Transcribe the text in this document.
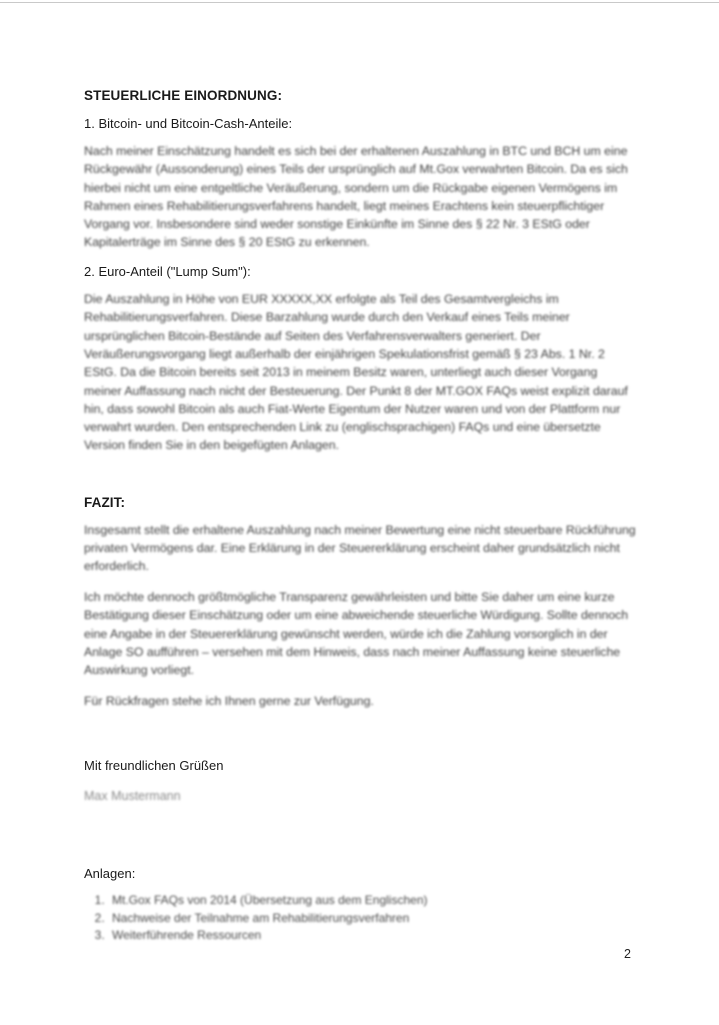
STEUERLICHE EINORDNUNG:
1. Bitcoin- und Bitcoin-Cash-Anteile:

Nach meiner Einschätzung handelt es sich bei der erhaltenen Auszahlung in BTC und BCH um eine Rückgewähr (Aussonderung) eines Teils der ursprünglich auf Mt.Gox verwahrten Bitcoin. Da es sich hierbei nicht um eine entgeltliche Veräußerung, sondern um die Rückgabe eigenen Vermögens im Rahmen eines Rehabilitierungsverfahrens handelt, liegt meines Erachtens kein steuerpflichtiger Vorgang vor. Insbesondere sind weder sonstige Einkünfte im Sinne des § 22 Nr. 3 EStG oder Kapitalerträge im Sinne des § 20 EStG zu erkennen.

2. Euro-Anteil ("Lump Sum"):

Die Auszahlung in Höhe von EUR XXXXX,XX erfolgte als Teil des Gesamtvergleichs im Rehabilitierungsverfahren. Diese Barzahlung wurde durch den Verkauf eines Teils meiner ursprünglichen Bitcoin-Bestände auf Seiten des Verfahrensverwalters generiert. Der Veräußerungsvorgang liegt außerhalb der einjährigen Spekulationsfrist gemäß § 23 Abs. 1 Nr. 2 EStG. Da die Bitcoin bereits seit 2013 in meinem Besitz waren, unterliegt auch dieser Vorgang meiner Auffassung nach nicht der Besteuerung. Der Punkt 8 der MT.GOX FAQs weist explizit darauf hin, dass sowohl Bitcoin als auch Fiat-Werte Eigentum der Nutzer waren und von der Plattform nur verwahrt wurden. Den entsprechenden Link zu (englischsprachigen) FAQs und eine übersetzte Version finden Sie in den beigefügten Anlagen.

FAZIT:

Insgesamt stellt die erhaltene Auszahlung nach meiner Bewertung eine nicht steuerbare Rückführung privaten Vermögens dar. Eine Erklärung in der Steuererklärung erscheint daher grundsätzlich nicht erforderlich.

Ich möchte dennoch größtmögliche Transparenz gewährleisten und bitte Sie daher um eine kurze Bestätigung dieser Einschätzung oder um eine abweichende steuerliche Würdigung. Sollte dennoch eine Angabe in der Steuererklärung gewünscht werden, würde ich die Zahlung vorsorglich in der Anlage SO aufführen – versehen mit dem Hinweis, dass nach meiner Auffassung keine steuerliche Auswirkung vorliegt.

Für Rückfragen stehe ich Ihnen gerne zur Verfügung.

Mit freundlichen Grüßen
Max Mustermann
Anlagen:
1. Mt.Gox FAQs von 2014 (Übersetzung aus dem Englischen)
2. Nachweise der Teilnahme am Rehabilitierungsverfahren
3. Weiterführende Ressourcen
2
